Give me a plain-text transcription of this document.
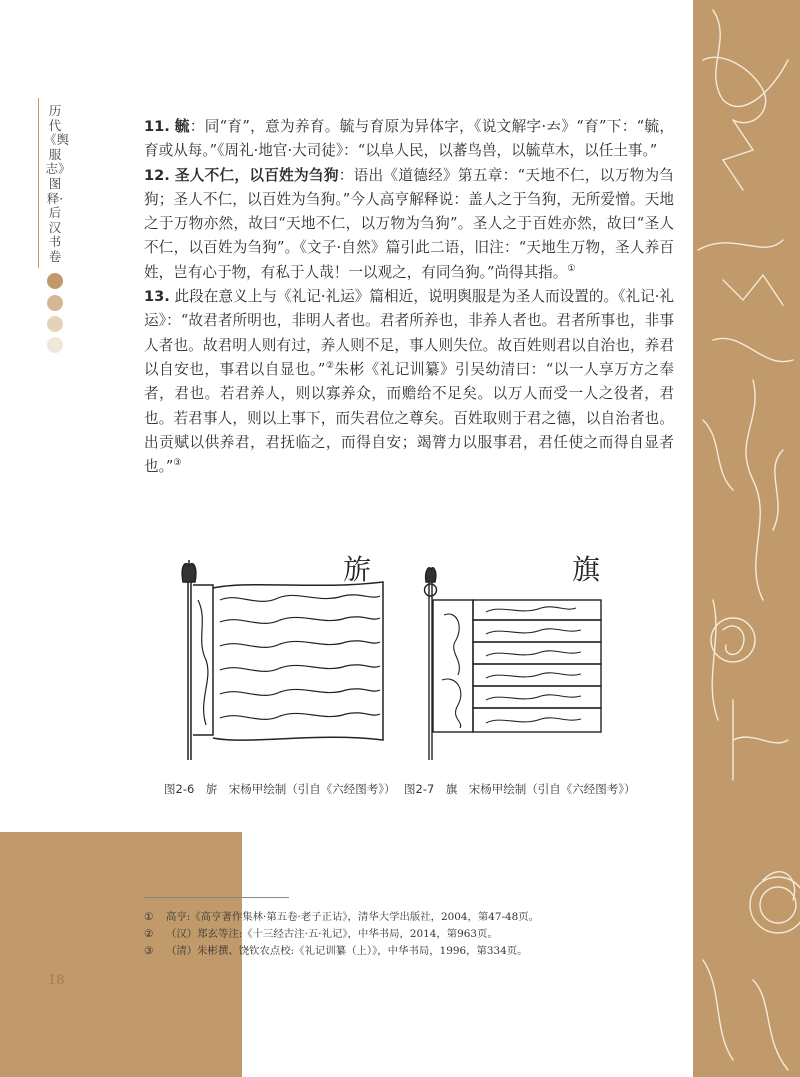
历代《舆服志》图释·后汉书卷

11. 毓：同“育”，意为养育。毓与育原为异体字，《说文解字·𠫓》“育”下：“毓，育或从每。”《周礼·地官·大司徒》：“以阜人民，以蕃鸟兽，以毓草木，以任土事。”

12. 圣人不仁，以百姓为刍狗：语出《道德经》第五章：“天地不仁，以万物为刍狗；圣人不仁，以百姓为刍狗。”今人高亨解释说：盖人之于刍狗，无所爱憎。天地之于万物亦然，故曰“天地不仁，以万物为刍狗”。圣人之于百姓亦然，故曰“圣人不仁，以百姓为刍狗”。《文子·自然》篇引此二语，旧注：“天地生万物，圣人养百姓，岂有心于物，有私于人哉！一以观之，有同刍狗。”尚得其指。①

13. 此段在意义上与《礼记·礼运》篇相近，说明舆服是为圣人而设置的。《礼记·礼运》：“故君者所明也，非明人者也。君者所养也，非养人者也。君者所事也，非事人者也。故君明人则有过，养人则不足，事人则失位。故百姓则君以自治也，养君以自安也，事君以自显也。”②朱彬《礼记训纂》引吴幼清曰：“以一人享万方之奉者，君也。若君养人，则以寡养众，而赡给不足矣。以万人而受一人之役者，君也。若君事人，则以上事下，而失君位之尊矣。百姓取则于君之德，以自治者也。出贡赋以供养君，君抚临之，而得自安；竭膂力以服事君，君任使之而得自显者也。”③

旂
图2-6　旂　宋杨甲绘制（引自《六经图考》）
旗
图2-7　旗　宋杨甲绘制（引自《六经图考》）
① 高亨:《高亨著作集林·第五卷·老子正诂》，清华大学出版社，2004，第47-48页。
② （汉）郑玄等注:《十三经古注·五·礼记》，中华书局，2014，第963页。
③ （清）朱彬撰、饶钦农点校:《礼记训纂（上）》，中华书局，1996，第334页。
18
